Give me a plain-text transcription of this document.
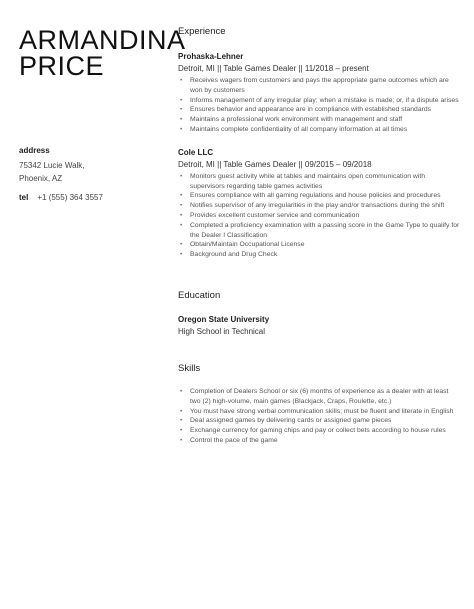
ARMANDINA
PRICE
address
75342 Lucie Walk,
Phoenix, AZ
tel +1 (555) 364 3557
Experience
Prohaska-Lehner
Detroit, MI || Table Games Dealer || 11/2018 – present
• Receives wagers from customers and pays the appropriate game outcomes which are won by customers
• Informs management of any irregular play; when a mistake is made; or, if a dispute arises
• Ensures behavior and appearance are in compliance with established standards
• Maintains a professional work environment with management and staff
• Maintains complete confidentiality of all company information at all times
Cole LLC
Detroit, MI || Table Games Dealer || 09/2015 – 09/2018
• Monitors guest activity while at tables and maintains open communication with supervisors regarding table games activities
• Ensures compliance with all gaming regulations and house policies and procedures
• Notifies supervisor of any irregularities in the play and/or transactions during the shift
• Provides excellent customer service and communication
• Completed a proficiency examination with a passing score in the Game Type to qualify for the Dealer I Classification
• Obtain/Maintain Occupational License
• Background and Drug Check
Education
Oregon State University
High School in Technical
Skills
• Completion of Dealers School or six (6) months of experience as a dealer with at least two (2) high-volume, main games (Blackjack, Craps, Roulette, etc.)
• You must have strong verbal communication skills; must be fluent and literate in English
• Deal assigned games by delivering cards or assigned game pieces
• Exchange currency for gaming chips and pay or collect bets according to house rules
• Control the pace of the game
